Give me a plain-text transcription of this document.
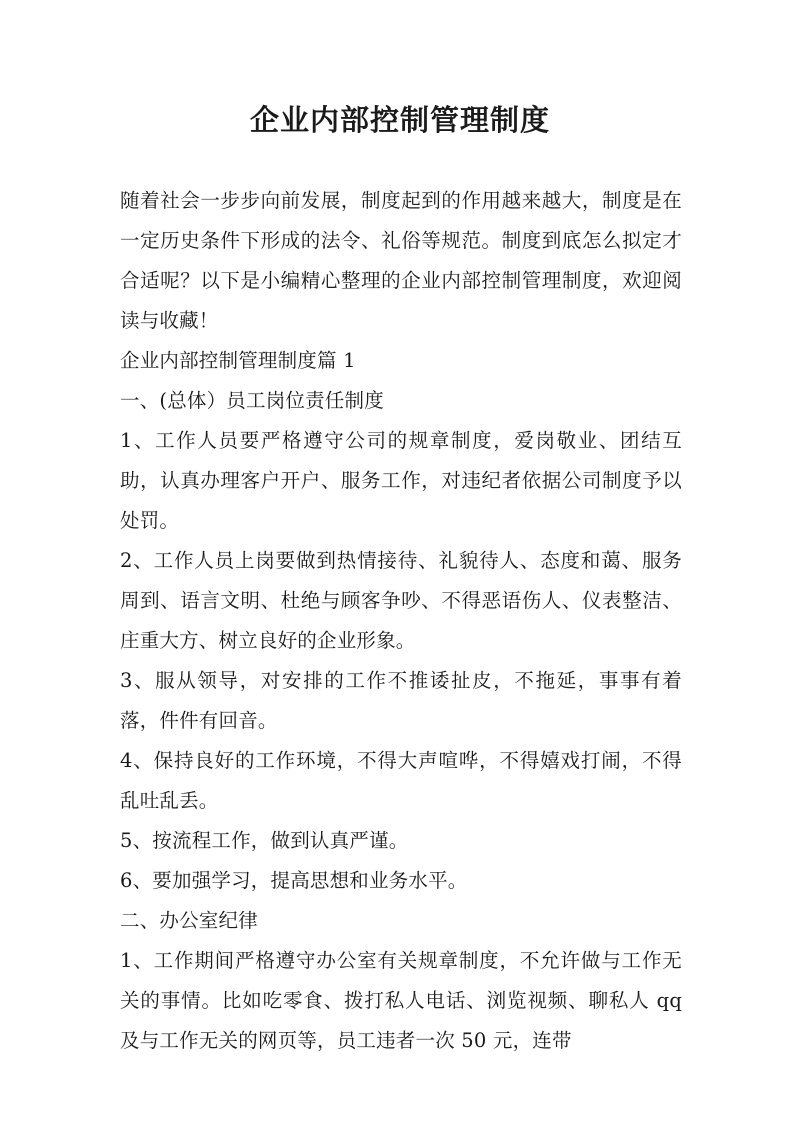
企业内部控制管理制度

随着社会一步步向前发展，制度起到的作用越来越大，制度是在一定历史条件下形成的法令、礼俗等规范。制度到底怎么拟定才合适呢？以下是小编精心整理的企业内部控制管理制度，欢迎阅读与收藏！

企业内部控制管理制度篇 1

一、(总体）员工岗位责任制度

1、工作人员要严格遵守公司的规章制度，爱岗敬业、团结互助，认真办理客户开户、服务工作，对违纪者依据公司制度予以处罚。

2、工作人员上岗要做到热情接待、礼貌待人、态度和蔼、服务周到、语言文明、杜绝与顾客争吵、不得恶语伤人、仪表整洁、庄重大方、树立良好的企业形象。

3、服从领导，对安排的工作不推诿扯皮，不拖延，事事有着落，件件有回音。

4、保持良好的工作环境，不得大声喧哗，不得嬉戏打闹，不得乱吐乱丢。

5、按流程工作，做到认真严谨。

6、要加强学习，提高思想和业务水平。

二、办公室纪律

1、工作期间严格遵守办公室有关规章制度，不允许做与工作无关的事情。比如吃零食、拨打私人电话、浏览视频、聊私人 qq 及与工作无关的网页等，员工违者一次 50 元，连带
